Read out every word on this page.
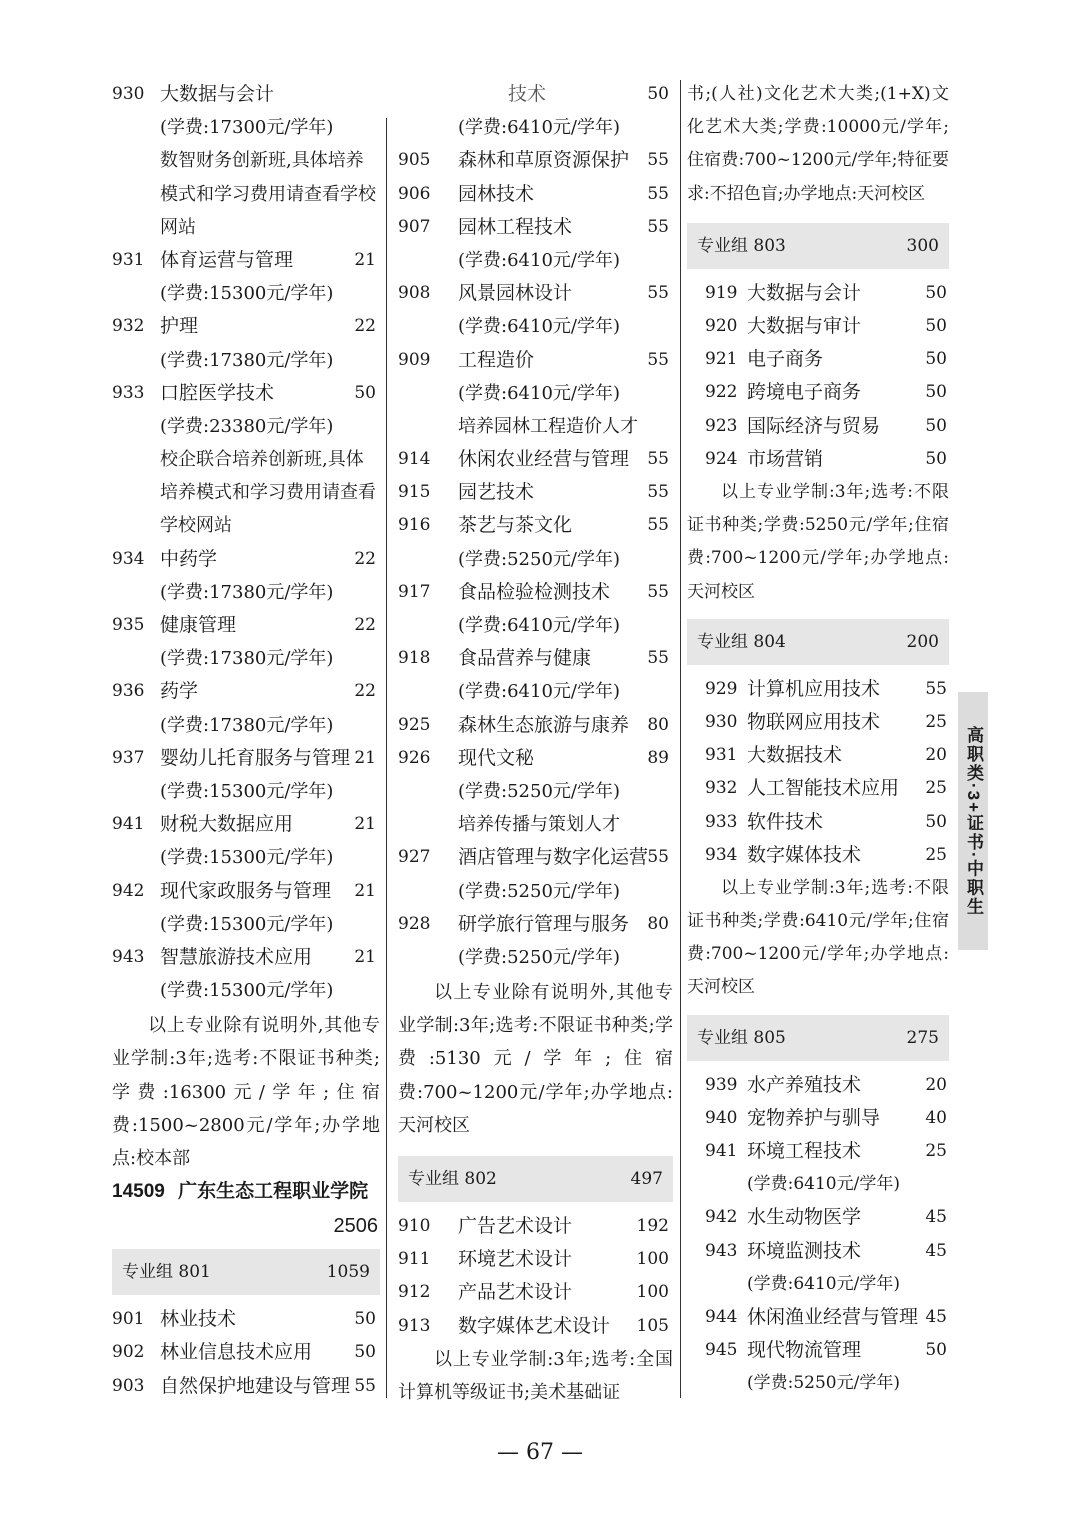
930 大数据与会计
(学费:17300元/学年)
数智财务创新班,具体培养
模式和学习费用请查看学校
网站
931 体育运营与管理	21
(学费:15300元/学年)
932 护理	22
(学费:17380元/学年)
933 口腔医学技术	50
(学费:23380元/学年)
校企联合培养创新班,具体
培养模式和学习费用请查看
学校网站
934 中药学	22
(学费:17380元/学年)
935 健康管理	22
(学费:17380元/学年)
936 药学	22
(学费:17380元/学年)
937 婴幼儿托育服务与管理 21
(学费:15300元/学年)
941 财税大数据应用	21
(学费:15300元/学年)
942 现代家政服务与管理 21
(学费:15300元/学年)
943 智慧旅游技术应用 21
(学费:15300元/学年)
以上专业除有说明外,其他专业学制:3年;选考:不限证书种类;学费:16300元/学年;住宿费:1500~2800元/学年;办学地点:校本部
14509 广东生态工程职业学院
2506
专业组 801	1059
901 林业技术	50
902 林业信息技术应用 50
903 自然保护地建设与管理 55
技术	50
(学费:6410元/学年)
905 森林和草原资源保护 55
906 园林技术	55
907 园林工程技术	55
(学费:6410元/学年)
908 风景园林设计	55
(学费:6410元/学年)
909 工程造价	55
(学费:6410元/学年)
培养园林工程造价人才
914 休闲农业经营与管理 55
915 园艺技术	55
916 茶艺与茶文化	55
(学费:5250元/学年)
917 食品检验检测技术 55
(学费:6410元/学年)
918 食品营养与健康	55
(学费:6410元/学年)
925 森林生态旅游与康养 80
926 现代文秘	89
(学费:5250元/学年)
培养传播与策划人才
927 酒店管理与数字化运营 55
(学费:5250元/学年)
928 研学旅行管理与服务 80
(学费:5250元/学年)
以上专业除有说明外,其他专业学制:3年;选考:不限证书种类;学费:5130元/学年;住宿费:700~1200元/学年;办学地点:天河校区
专业组 802	497
910 广告艺术设计	192
911 环境艺术设计	100
912 产品艺术设计	100
913 数字媒体艺术设计 105
以上专业学制:3年;选考:全国计算机等级证书;美术基础证
书;(人社)文化艺术大类;(1+X)文化艺术大类;学费:10000元/学年;住宿费:700~1200元/学年;特征要求:不招色盲;办学地点:天河校区
专业组 803	300
919 大数据与会计	50
920 大数据与审计	50
921 电子商务	50
922 跨境电子商务	50
923 国际经济与贸易	50
924 市场营销	50
以上专业学制:3年;选考:不限证书种类;学费:5250元/学年;住宿费:700~1200元/学年;办学地点:天河校区
专业组 804	200
929 计算机应用技术	55
930 物联网应用技术	25
931 大数据技术	20
932 人工智能技术应用 25
933 软件技术	50
934 数字媒体技术	25
以上专业学制:3年;选考:不限证书种类;学费:6410元/学年;住宿费:700~1200元/学年;办学地点:天河校区
专业组 805	275
939 水产养殖技术	20
940 宠物养护与驯导	40
941 环境工程技术	25
(学费:6410元/学年)
942 水生动物医学	45
943 环境监测技术	45
(学费:6410元/学年)
944 休闲渔业经营与管理 45
945 现代物流管理	50
(学费:5250元/学年)
高职类·3+证书·中职生
— 67 —
